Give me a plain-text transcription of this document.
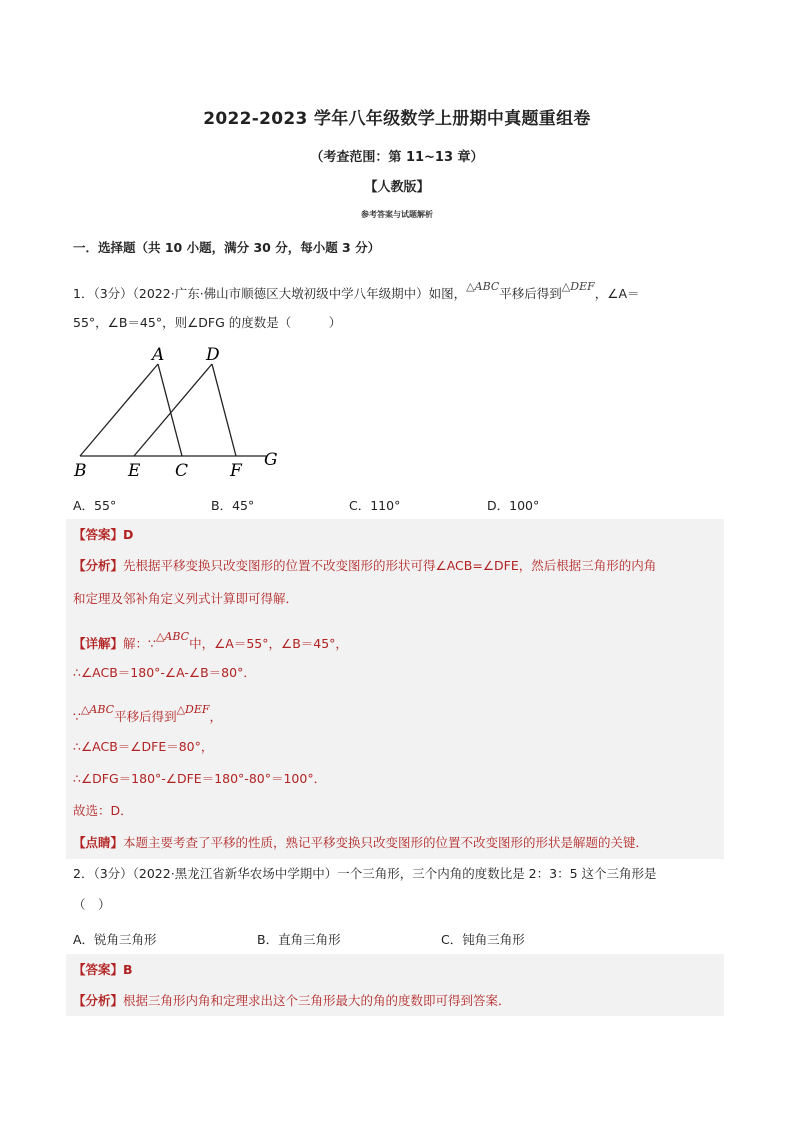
2022-2023 学年八年级数学上册期中真题重组卷
（考查范围：第 11~13 章）
【人教版】
参考答案与试题解析
一．选择题（共 10 小题，满分 30 分，每小题 3 分）
1．（3分）（2022·广东·佛山市顺德区大墩初级中学八年级期中）如图，△ABC平移后得到△DEF，∠A＝
55°，∠B＝45°，则∠DFG 的度数是（　　　）
A D
B E C F
G
A．55°	B．45°	C．110°	D．100°
【答案】D
【分析】先根据平移变换只改变图形的位置不改变图形的形状可得∠ACB=∠DFE，然后根据三角形的内角
和定理及邻补角定义列式计算即可得解．
【详解】解：∵△ABC中，∠A＝55°，∠B＝45°，
∴∠ACB＝180°-∠A-∠B＝80°．
∵△ABC平移后得到△DEF，
∴∠ACB＝∠DFE＝80°，
∴∠DFG＝180°-∠DFE＝180°-80°＝100°．
故选：D．
【点睛】本题主要考查了平移的性质，熟记平移变换只改变图形的位置不改变图形的形状是解题的关键．
2．（3分）（2022·黑龙江省新华农场中学期中）一个三角形，三个内角的度数比是 2：3：5 这个三角形是
（　）
A．锐角三角形	B．直角三角形	C．钝角三角形
【答案】B
【分析】根据三角形内角和定理求出这个三角形最大的角的度数即可得到答案．
